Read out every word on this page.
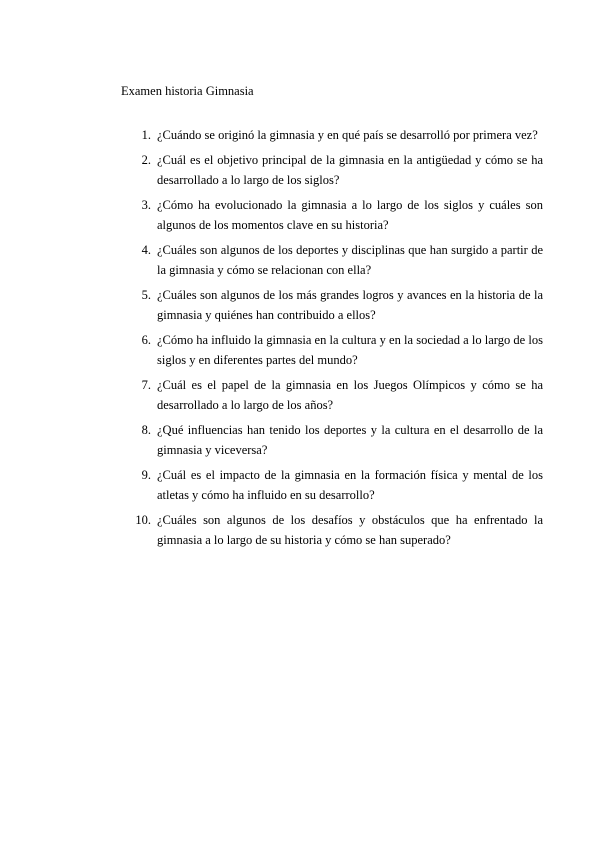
Examen historia Gimnasia
1. ¿Cuándo se originó la gimnasia y en qué país se desarrolló por primera vez?
2. ¿Cuál es el objetivo principal de la gimnasia en la antigüedad y cómo se ha desarrollado a lo largo de los siglos?
3. ¿Cómo ha evolucionado la gimnasia a lo largo de los siglos y cuáles son algunos de los momentos clave en su historia?
4. ¿Cuáles son algunos de los deportes y disciplinas que han surgido a partir de la gimnasia y cómo se relacionan con ella?
5. ¿Cuáles son algunos de los más grandes logros y avances en la historia de la gimnasia y quiénes han contribuido a ellos?
6. ¿Cómo ha influido la gimnasia en la cultura y en la sociedad a lo largo de los siglos y en diferentes partes del mundo?
7. ¿Cuál es el papel de la gimnasia en los Juegos Olímpicos y cómo se ha desarrollado a lo largo de los años?
8. ¿Qué influencias han tenido los deportes y la cultura en el desarrollo de la gimnasia y viceversa?
9. ¿Cuál es el impacto de la gimnasia en la formación física y mental de los atletas y cómo ha influido en su desarrollo?
10. ¿Cuáles son algunos de los desafíos y obstáculos que ha enfrentado la gimnasia a lo largo de su historia y cómo se han superado?
